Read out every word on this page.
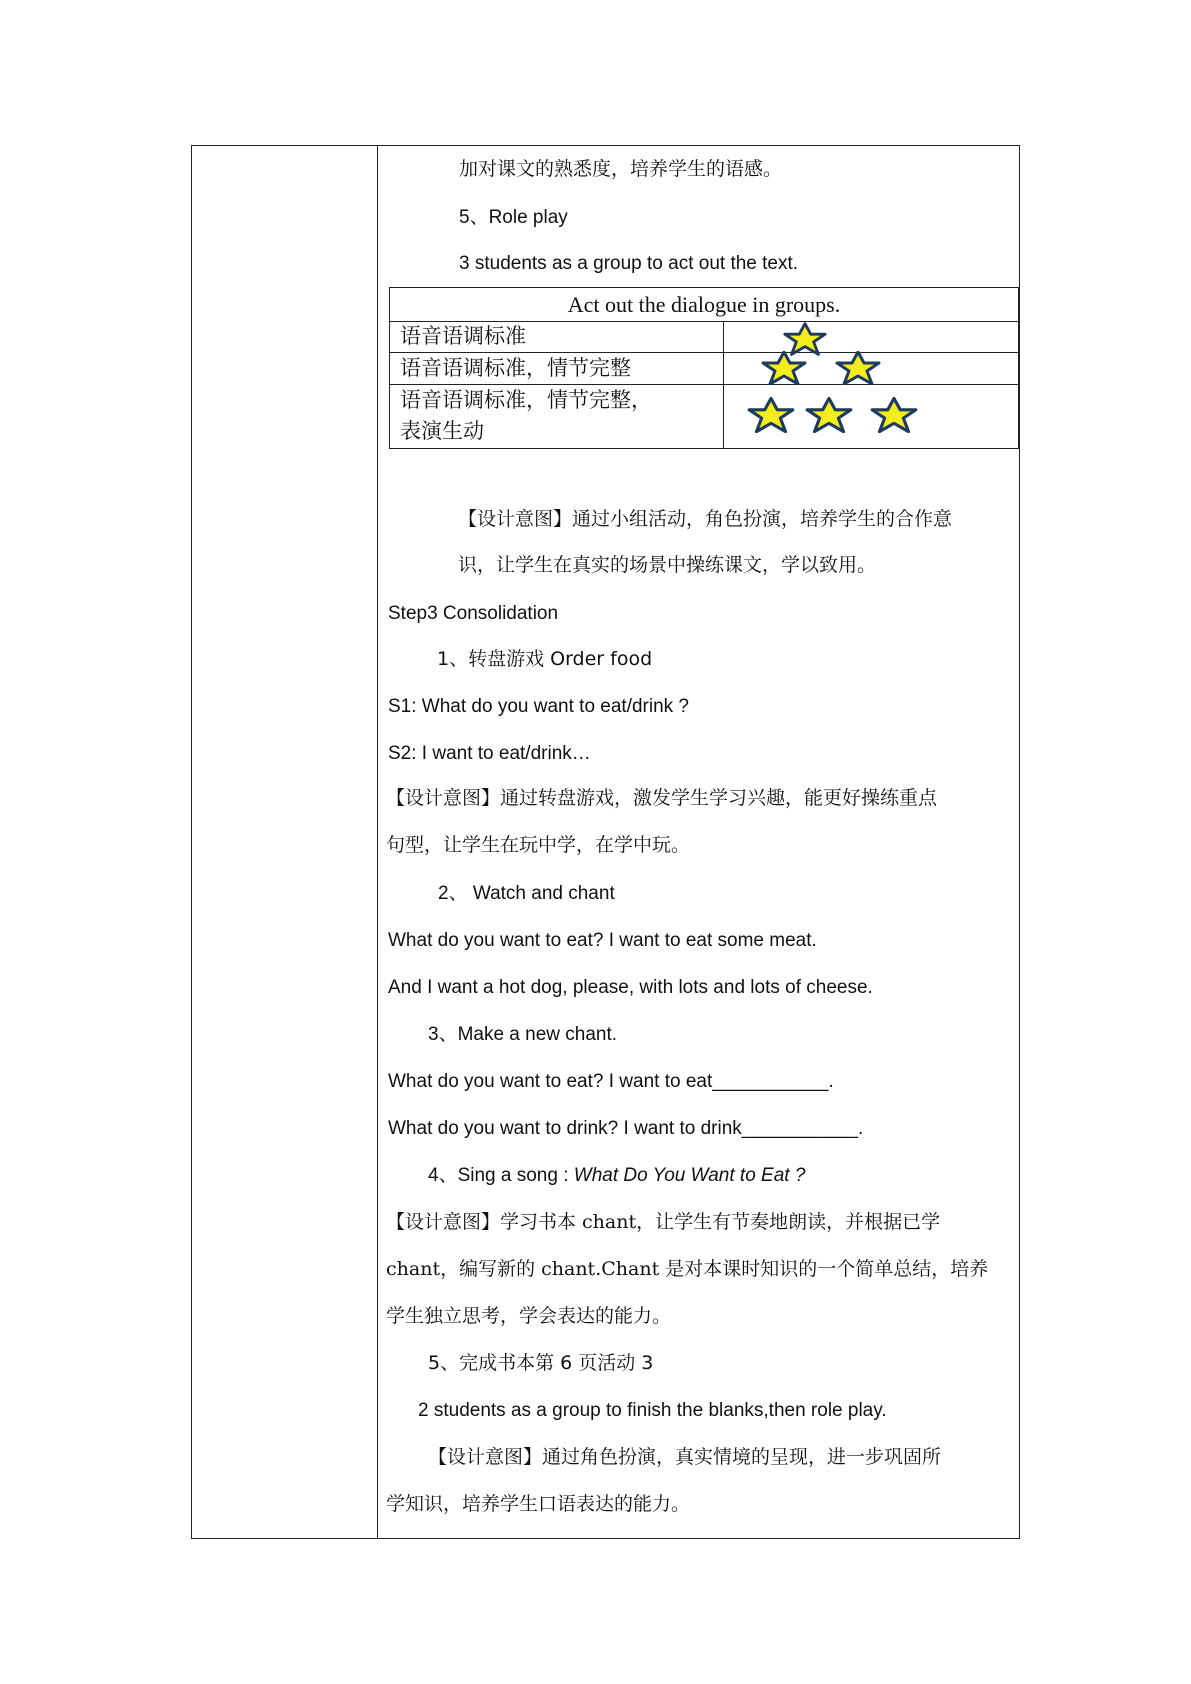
加对课文的熟悉度，培养学生的语感。
5、Role play
3 students as a group to act out the text.
Act out the dialogue in groups.
语音语调标准
语音语调标准，情节完整
语音语调标准，情节完整，
表演生动
【设计意图】通过小组活动，角色扮演，培养学生的合作意
识，让学生在真实的场景中操练课文，学以致用。
Step3 Consolidation
1、转盘游戏 Order food
S1: What do you want to eat/drink ?
S2: I want to eat/drink…
【设计意图】通过转盘游戏，激发学生学习兴趣，能更好操练重点
句型，让学生在玩中学，在学中玩。
2、 Watch and chant
What do you want to eat? I want to eat some meat.
And I want a hot dog, please, with lots and lots of cheese.
3、Make a new chant.
What do you want to eat? I want to eat___________.
What do you want to drink? I want to drink___________.
4、Sing a song : What Do You Want to Eat ?
【设计意图】学习书本 chant，让学生有节奏地朗读，并根据已学
chant，编写新的 chant.Chant 是对本课时知识的一个简单总结，培养
学生独立思考，学会表达的能力。
5、完成书本第 6 页活动 3
2 students as a group to finish the blanks,then role play.
【设计意图】通过角色扮演，真实情境的呈现，进一步巩固所
学知识，培养学生口语表达的能力。
